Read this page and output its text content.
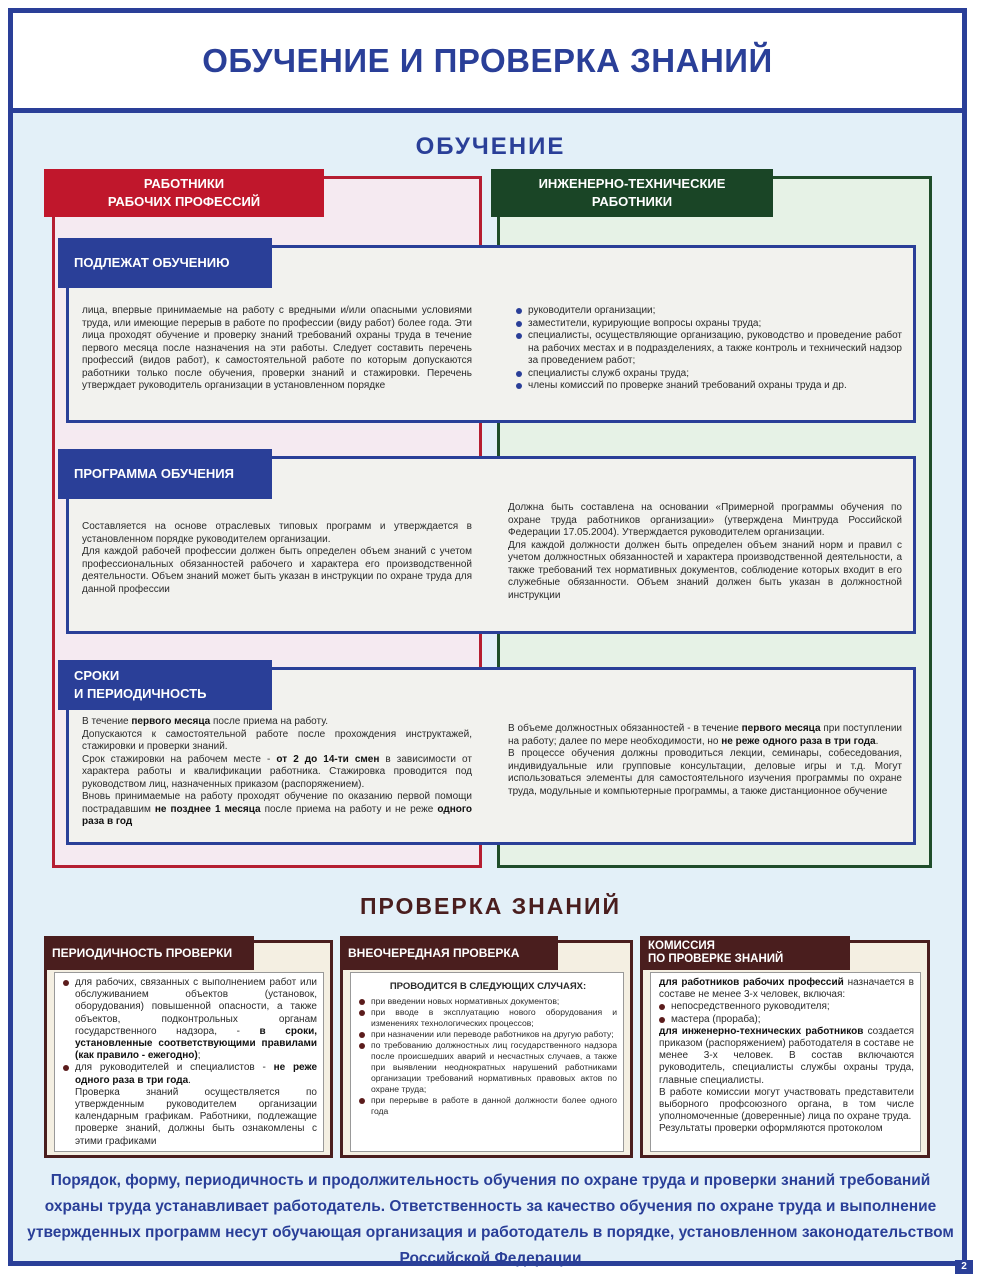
ОБУЧЕНИЕ И ПРОВЕРКА ЗНАНИЙ
ОБУЧЕНИЕ
РАБОТНИКИ
РАБОЧИХ ПРОФЕССИЙ
ИНЖЕНЕРНО-ТЕХНИЧЕСКИЕ
РАБОТНИКИ
ПОДЛЕЖАТ ОБУЧЕНИЮ

лица, впервые принимаемые на работу с вредными и/или опасными условиями труда, или имеющие перерыв в работе по профессии (виду работ) более года. Эти лица проходят обучение и проверку знаний требований охраны труда в течение первого месяца после назначения на эти работы. Следует составить перечень профессий (видов работ), к самостоятельной работе по которым допускаются работники только после обучения, проверки знаний и стажировки. Перечень утверждает руководитель организации в установленном порядке

руководители организации;
заместители, курирующие вопросы охраны труда;
специалисты, осуществляющие организацию, руководство и проведение работ на рабочих местах и в подразделениях, а также контроль и технический надзор за проведением работ;
специалисты служб охраны труда;
члены комиссий по проверке знаний требований охраны труда и др.
ПРОГРАММА ОБУЧЕНИЯ

Составляется на основе отраслевых типовых программ и утверждается в установленном порядке руководителем организации.
Для каждой рабочей профессии должен быть определен объем знаний с учетом профессиональных обязанностей рабочего и характера его производственной деятельности. Объем знаний может быть указан в инструкции по охране труда для данной профессии

Должна быть составлена на основании «Примерной программы обучения по охране труда работников организации» (утверждена Минтруда Российской Федерации 17.05.2004). Утверждается руководителем организации.
Для каждой должности должен быть определен объем знаний норм и правил с учетом должностных обязанностей и характера производственной деятельности, а также требований тех нормативных документов, соблюдение которых входит в его служебные обязанности. Объем знаний должен быть указан в должностной инструкции

СРОКИ
И ПЕРИОДИЧНОСТЬ

В течение первого месяца после приема на работу.
Допускаются к самостоятельной работе после прохождения инструктажей, стажировки и проверки знаний.
Срок стажировки на рабочем месте - от 2 до 14-ти смен в зависимости от характера работы и квалификации работника. Стажировка проводится под руководством лиц, назначенных приказом (распоряжением).
Вновь принимаемые на работу проходят обучение по оказанию первой помощи пострадавшим не позднее 1 месяца после приема на работу и не реже одного раза в год

В объеме должностных обязанностей - в течение первого месяца при поступлении на работу; далее по мере необходимости, но не реже одного раза в три года.
В процессе обучения должны проводиться лекции, семинары, собеседования, индивидуальные или групповые консультации, деловые игры и т.д. Могут использоваться элементы для самостоятельного изучения программы по охране труда, модульные и компьютерные программы, а также дистанционное обучение

ПРОВЕРКА ЗНАНИЙ
ПЕРИОДИЧНОСТЬ ПРОВЕРКИ
для рабочих, связанных с выполнением работ или обслуживанием объектов (установок, оборудования) повышенной опасности, а также объектов, подконтрольных органам государственного надзора, - в сроки, установленные соответствующими правилами (как правило - ежегодно);
для руководителей и специалистов - не реже одного раза в три года.
Проверка знаний осуществляется по утвержденным руководителем организации календарным графикам. Работники, подлежащие проверке знаний, должны быть ознакомлены с этими графиками
ВНЕОЧЕРЕДНАЯ ПРОВЕРКА
ПРОВОДИТСЯ В СЛЕДУЮЩИХ СЛУЧАЯХ:
при введении новых нормативных документов;
при вводе в эксплуатацию нового оборудования и изменениях технологических процессов;
при назначении или переводе работников на другую работу;
по требованию должностных лиц государственного надзора после происшедших аварий и несчастных случаев, а также при выявлении неоднократных нарушений работниками организации требований нормативных правовых актов по охране труда;
при перерыве в работе в данной должности более одного года
КОМИССИЯ
ПО ПРОВЕРКЕ ЗНАНИЙ
для работников рабочих профессий назначается в составе не менее 3-х человек, включая:
непосредственного руководителя;
мастера (прораба);
для инженерно-технических работников создается приказом (распоряжением) работодателя в составе не менее 3-х человек. В состав включаются руководитель, специалисты службы охраны труда, главные специалисты.
В работе комиссии могут участвовать представители выборного профсоюзного органа, в том числе уполномоченные (доверенные) лица по охране труда.
Результаты проверки оформляются протоколом

Порядок, форму, периодичность и продолжительность обучения по охране труда и проверки знаний требований охраны труда устанавливает работодатель. Ответственность за качество обучения по охране труда и выполнение утвержденных программ несут обучающая организация и работодатель в порядке, установленном законодательством Российской Федерации	2
